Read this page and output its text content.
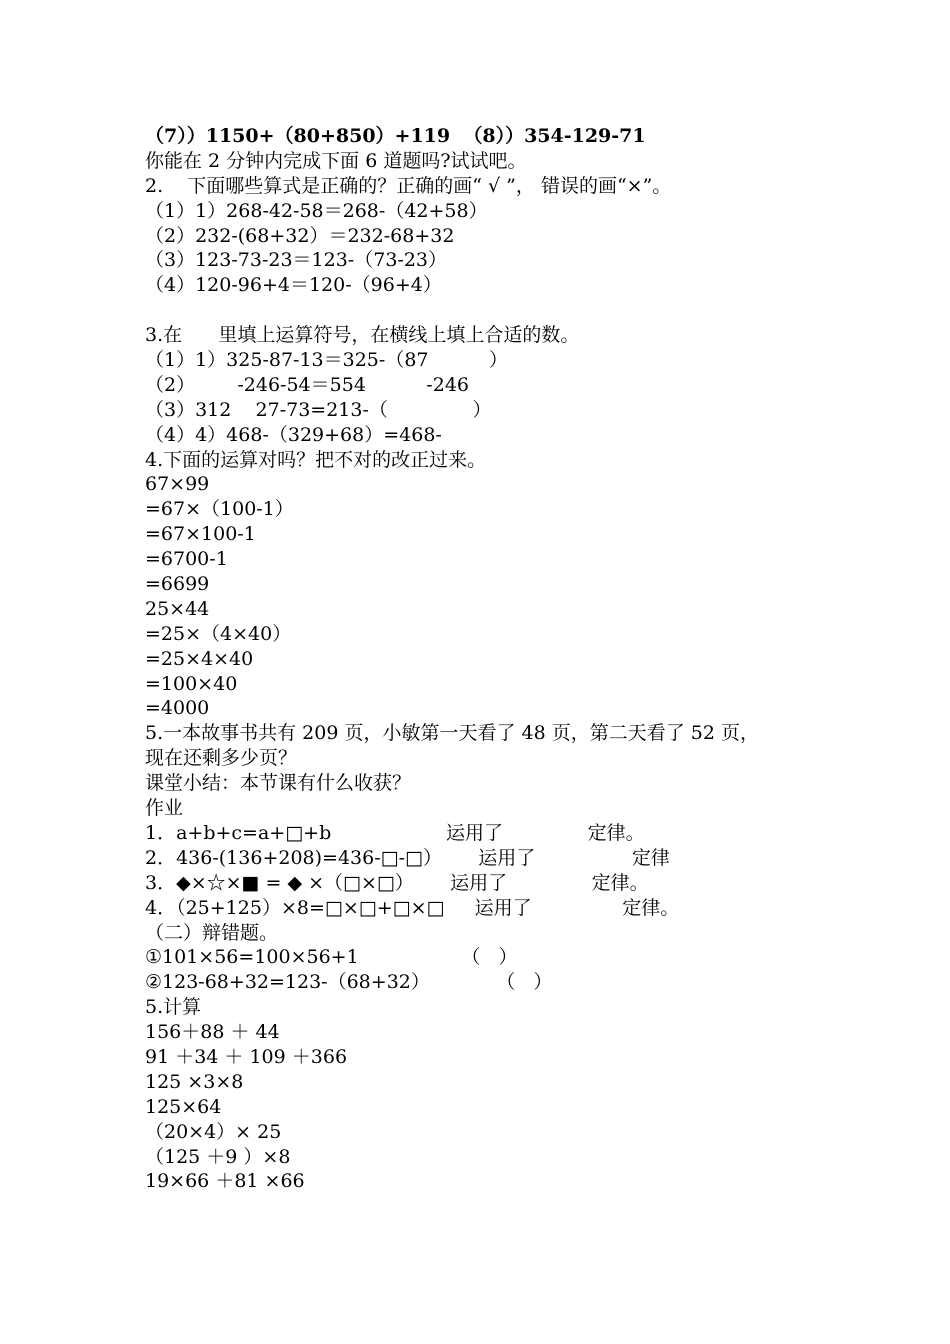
（7））1150+（80+850）+119  （8））354-129-71
你能在 2 分钟内完成下面 6 道题吗?试试吧。
2.    下面哪些算式是正确的？正确的画“ √ ”， 错误的画“×”。
（1）1）268-42-58＝268-（42+58）
（2）232-(68+32）＝232-68+32
（3）123-73-23＝123-（73-23）
（4）120-96+4＝120-（96+4）
3.在      里填上运算符号，在横线上填上合适的数。
（1）1）325-87-13＝325-（87          ）
（2）       -246-54＝554          -246
（3）312    27-73=213-（              ）
（4）4）468-（329+68）=468-
4.下面的运算对吗？把不对的改正过来。
67×99
=67×（100-1）
=67×100-1
=6700-1
=6699
25×44
=25×（4×40）
=25×4×40
=100×40
=4000
5.一本故事书共有 209 页，小敏第一天看了 48 页，第二天看了 52 页，
现在还剩多少页？
课堂小结：本节课有什么收获？
作业
1．a+b+c=a+□+b                   运用了              定律。
2．436-(136+208)=436-□-□）      运用了                定律
3．◆×☆×■ = ◆ ×（□×□）      运用了              定律。
4．（25+125）×8=□×□+□×□     运用了               定律。
（二）辩错题。
①101×56=100×56+1                 （   ）
②123-68+32=123-（68+32）           （   ）
5.计算
156＋88 ＋ 44
91 ＋34 ＋ 109 ＋366
125 ×3×8
125×64
（20×4）× 25
（125 ＋9 ）×8
19×66 ＋81 ×66
